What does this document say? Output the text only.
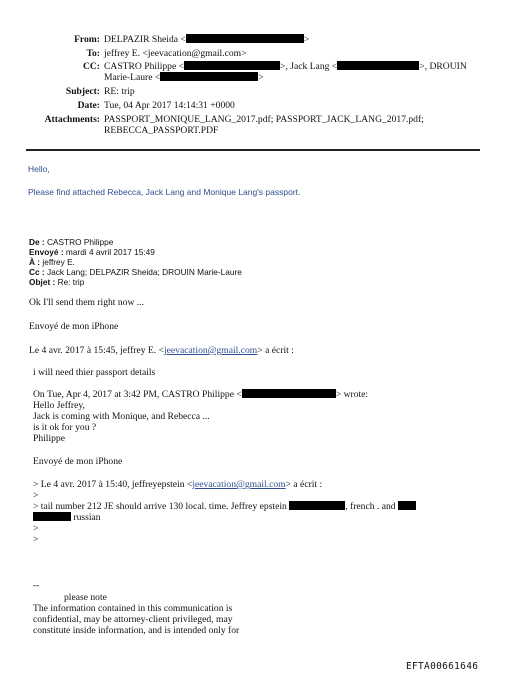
From: DELPAZIR Sheida <	>
To: jeffrey E. <jeevacation@gmail.com>
CC: CASTRO Philippe <	>, Jack Lang <	>, DROUIN
Marie-Laure <	>
Subject: RE: trip
Date: Tue, 04 Apr 2017 14:14:31 +0000
Attachments: PASSPORT_MONIQUE_LANG_2017.pdf; PASSPORT_JACK_LANG_2017.pdf;
REBECCA_PASSPORT.PDF
Hello,
Please find attached Rebecca, Jack Lang and Monique Lang's passport.
De : CASTRO Philippe
Envoyé : mardi 4 avril 2017 15:49
À : jeffrey E.
Cc : Jack Lang; DELPAZIR Sheida; DROUIN Marie-Laure
Objet : Re: trip
Ok I'll send them right now ...
Envoyé de mon iPhone
Le 4 avr. 2017 à 15:45, jeffrey E. <jeevacation@gmail.com> a écrit :
i will need thier passport details
On Tue, Apr 4, 2017 at 3:42 PM, CASTRO Philippe <	> wrote:
Hello Jeffrey,
Jack is coming with Monique, and Rebecca ...
is it ok for you ?
Philippe
Envoyé de mon iPhone
> Le 4 avr. 2017 à 15:40, jeffreyepstein <jeevacation@gmail.com> a écrit :
>
> tail number 212 JE should arrive 130 local. time. Jeffrey epstein	, french . and
russian
>
>
--
please note
The information contained in this communication is
confidential, may be attorney-client privileged, may
constitute inside information, and is intended only for
EFTA00661646
